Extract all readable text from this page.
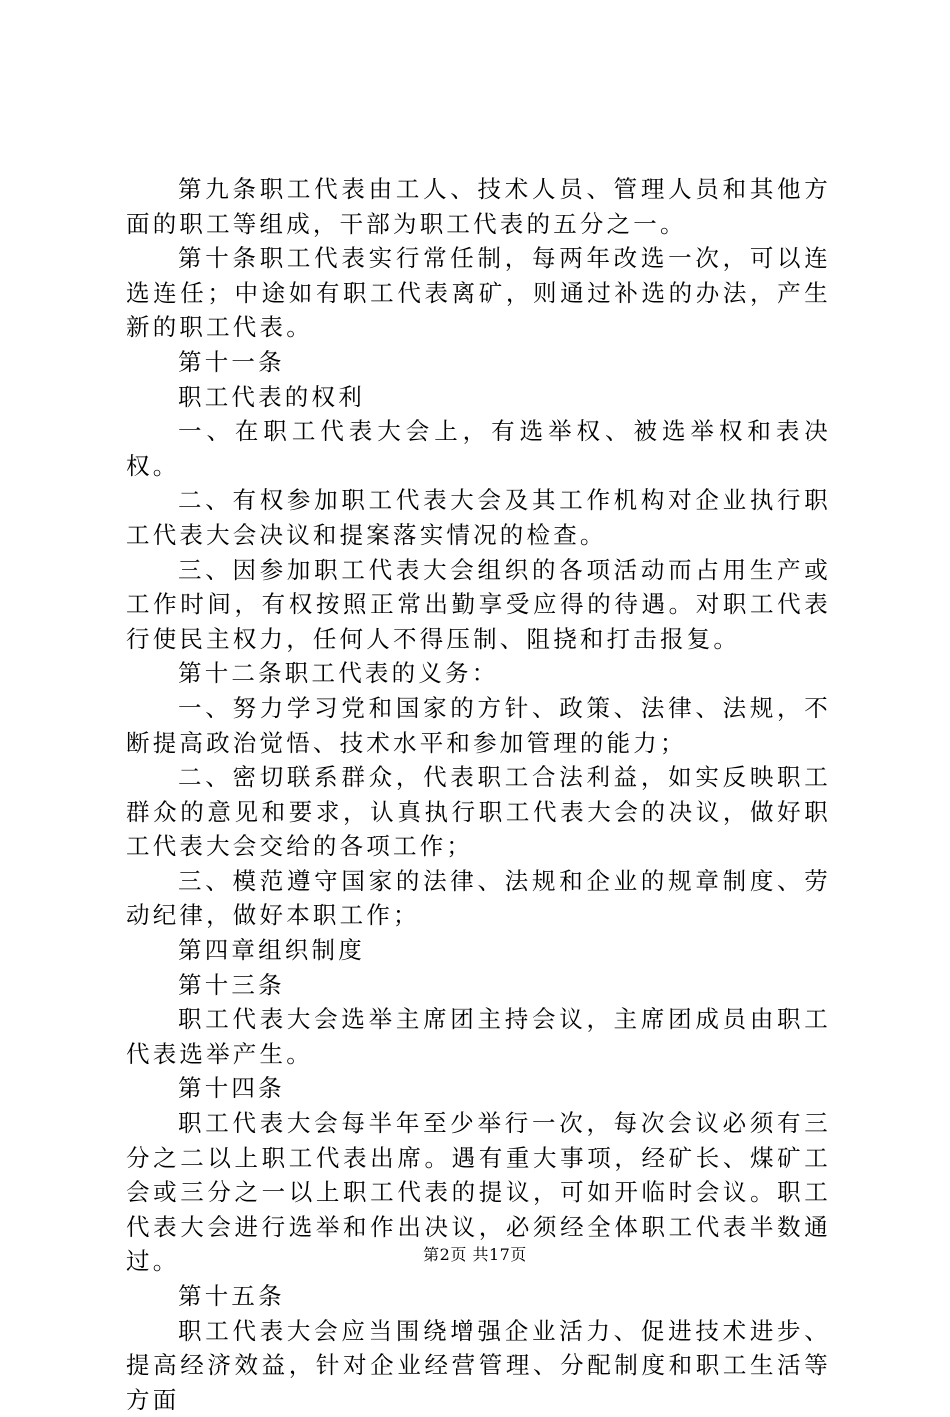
第九条职工代表由工人、技术人员、管理人员和其他方面的职工等组成，干部为职工代表的五分之一。

第十条职工代表实行常任制，每两年改选一次，可以连选连任；中途如有职工代表离矿，则通过补选的办法，产生新的职工代表。

第十一条

职工代表的权利

一、在职工代表大会上，有选举权、被选举权和表决权。

二、有权参加职工代表大会及其工作机构对企业执行职工代表大会决议和提案落实情况的检查。

三、因参加职工代表大会组织的各项活动而占用生产或工作时间，有权按照正常出勤享受应得的待遇。对职工代表行使民主权力，任何人不得压制、阻挠和打击报复。

第十二条职工代表的义务：

一、努力学习党和国家的方针、政策、法律、法规，不断提高政治觉悟、技术水平和参加管理的能力；

二、密切联系群众，代表职工合法利益，如实反映职工群众的意见和要求，认真执行职工代表大会的决议，做好职工代表大会交给的各项工作；

三、模范遵守国家的法律、法规和企业的规章制度、劳动纪律，做好本职工作；

第四章组织制度

第十三条

职工代表大会选举主席团主持会议，主席团成员由职工代表选举产生。

第十四条

职工代表大会每半年至少举行一次，每次会议必须有三分之二以上职工代表出席。遇有重大事项，经矿长、煤矿工会或三分之一以上职工代表的提议，可如开临时会议。职工代表大会进行选举和作出决议，必须经全体职工代表半数通过。

第十五条

职工代表大会应当围绕增强企业活力、促进技术进步、提高经济效益，针对企业经营管理、分配制度和职工生活等方面

第2页 共17页
